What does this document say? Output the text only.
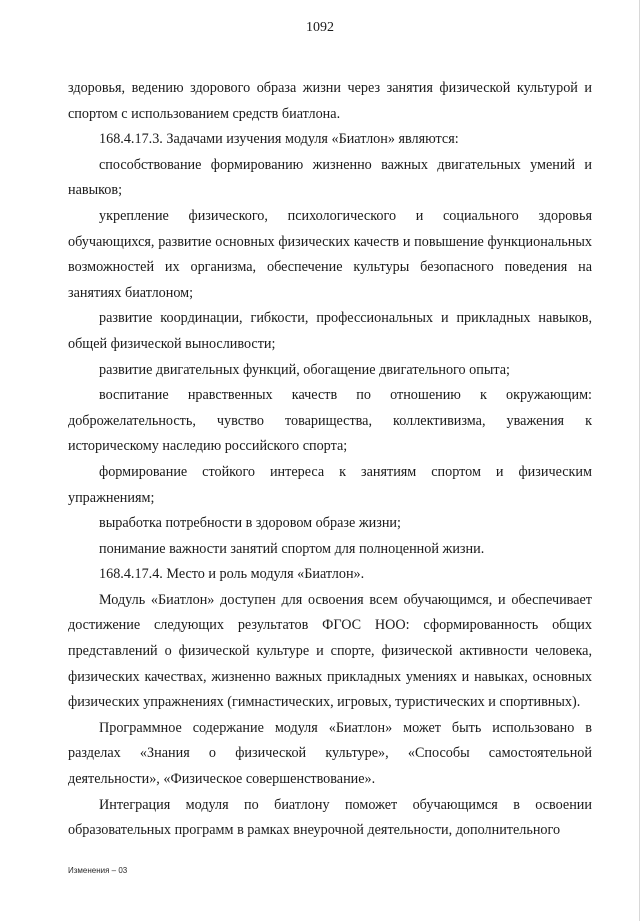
1092

здоровья, ведению здорового образа жизни через занятия физической культурой и спортом с использованием средств биатлона.

168.4.17.3. Задачами изучения модуля «Биатлон» являются:

способствование формированию жизненно важных двигательных умений и навыков;

укрепление физического, психологического и социального здоровья обучающихся, развитие основных физических качеств и повышение функциональных возможностей их организма, обеспечение культуры безопасного поведения на занятиях биатлоном;

развитие координации, гибкости, профессиональных и прикладных навыков, общей физической выносливости;

развитие двигательных функций, обогащение двигательного опыта;

воспитание нравственных качеств по отношению к окружающим: доброжелательность, чувство товарищества, коллективизма, уважения к историческому наследию российского спорта;

формирование стойкого интереса к занятиям спортом и физическим упражнениям;

выработка потребности в здоровом образе жизни;

понимание важности занятий спортом для полноценной жизни.

168.4.17.4. Место и роль модуля «Биатлон».

Модуль «Биатлон» доступен для освоения всем обучающимся, и обеспечивает достижение следующих результатов ФГОС НОО: сформированность общих представлений о физической культуре и спорте, физической активности человека, физических качествах, жизненно важных прикладных умениях и навыках, основных физических упражнениях (гимнастических, игровых, туристических и спортивных).

Программное содержание модуля «Биатлон» может быть использовано в разделах «Знания о физической культуре», «Способы самостоятельной деятельности», «Физическое совершенствование».

Интеграция модуля по биатлону поможет обучающимся в освоении образовательных программ в рамках внеурочной деятельности, дополнительного

Изменения – 03
